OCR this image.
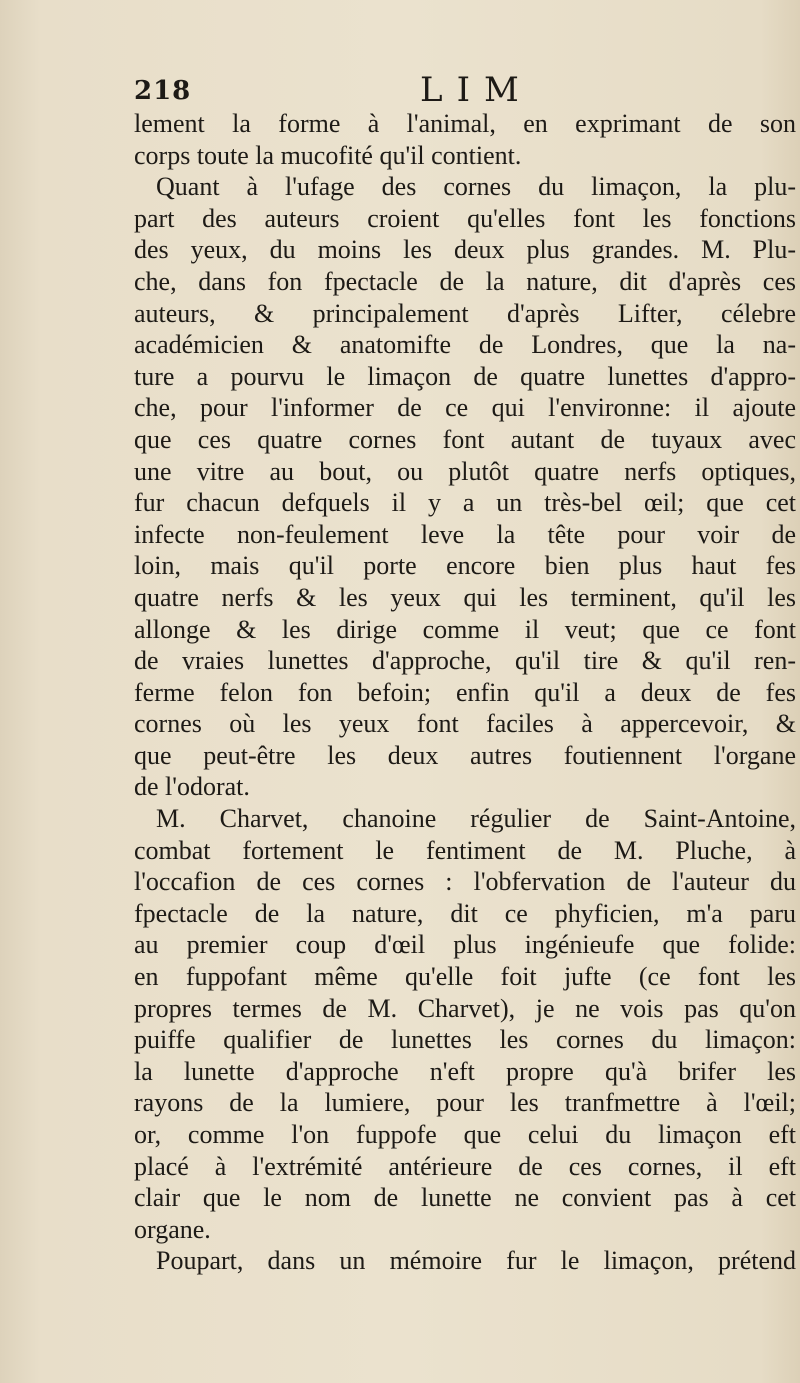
218	LIM
lement la forme à l'animal, en exprimant de son
corps toute la mucofité qu'il contient.
Quant à l'ufage des cornes du limaçon, la plu-
part des auteurs croient qu'elles font les fonctions
des yeux, du moins les deux plus grandes. M. Plu-
che, dans fon fpectacle de la nature, dit d'après ces
auteurs, & principalement d'après Lifter, célebre
académicien & anatomifte de Londres, que la na-
ture a pourvu le limaçon de quatre lunettes d'appro-
che, pour l'informer de ce qui l'environne: il ajoute
que ces quatre cornes font autant de tuyaux avec
une vitre au bout, ou plutôt quatre nerfs optiques,
fur chacun defquels il y a un très-bel œil; que cet
infecte non-feulement leve la tête pour voir de
loin, mais qu'il porte encore bien plus haut fes
quatre nerfs & les yeux qui les terminent, qu'il les
allonge & les dirige comme il veut; que ce font
de vraies lunettes d'approche, qu'il tire & qu'il ren-
ferme felon fon befoin; enfin qu'il a deux de fes
cornes où les yeux font faciles à appercevoir, &
que peut-être les deux autres foutiennent l'organe
de l'odorat.
M. Charvet, chanoine régulier de Saint-Antoine,
combat fortement le fentiment de M. Pluche, à
l'occafion de ces cornes : l'obfervation de l'auteur du
fpectacle de la nature, dit ce phyficien, m'a paru
au premier coup d'œil plus ingénieufe que folide:
en fuppofant même qu'elle foit jufte (ce font les
propres termes de M. Charvet), je ne vois pas qu'on
puiffe qualifier de lunettes les cornes du limaçon:
la lunette d'approche n'eft propre qu'à brifer les
rayons de la lumiere, pour les tranfmettre à l'œil;
or, comme l'on fuppofe que celui du limaçon eft
placé à l'extrémité antérieure de ces cornes, il eft
clair que le nom de lunette ne convient pas à cet
organe.
Poupart, dans un mémoire fur le limaçon, prétend
